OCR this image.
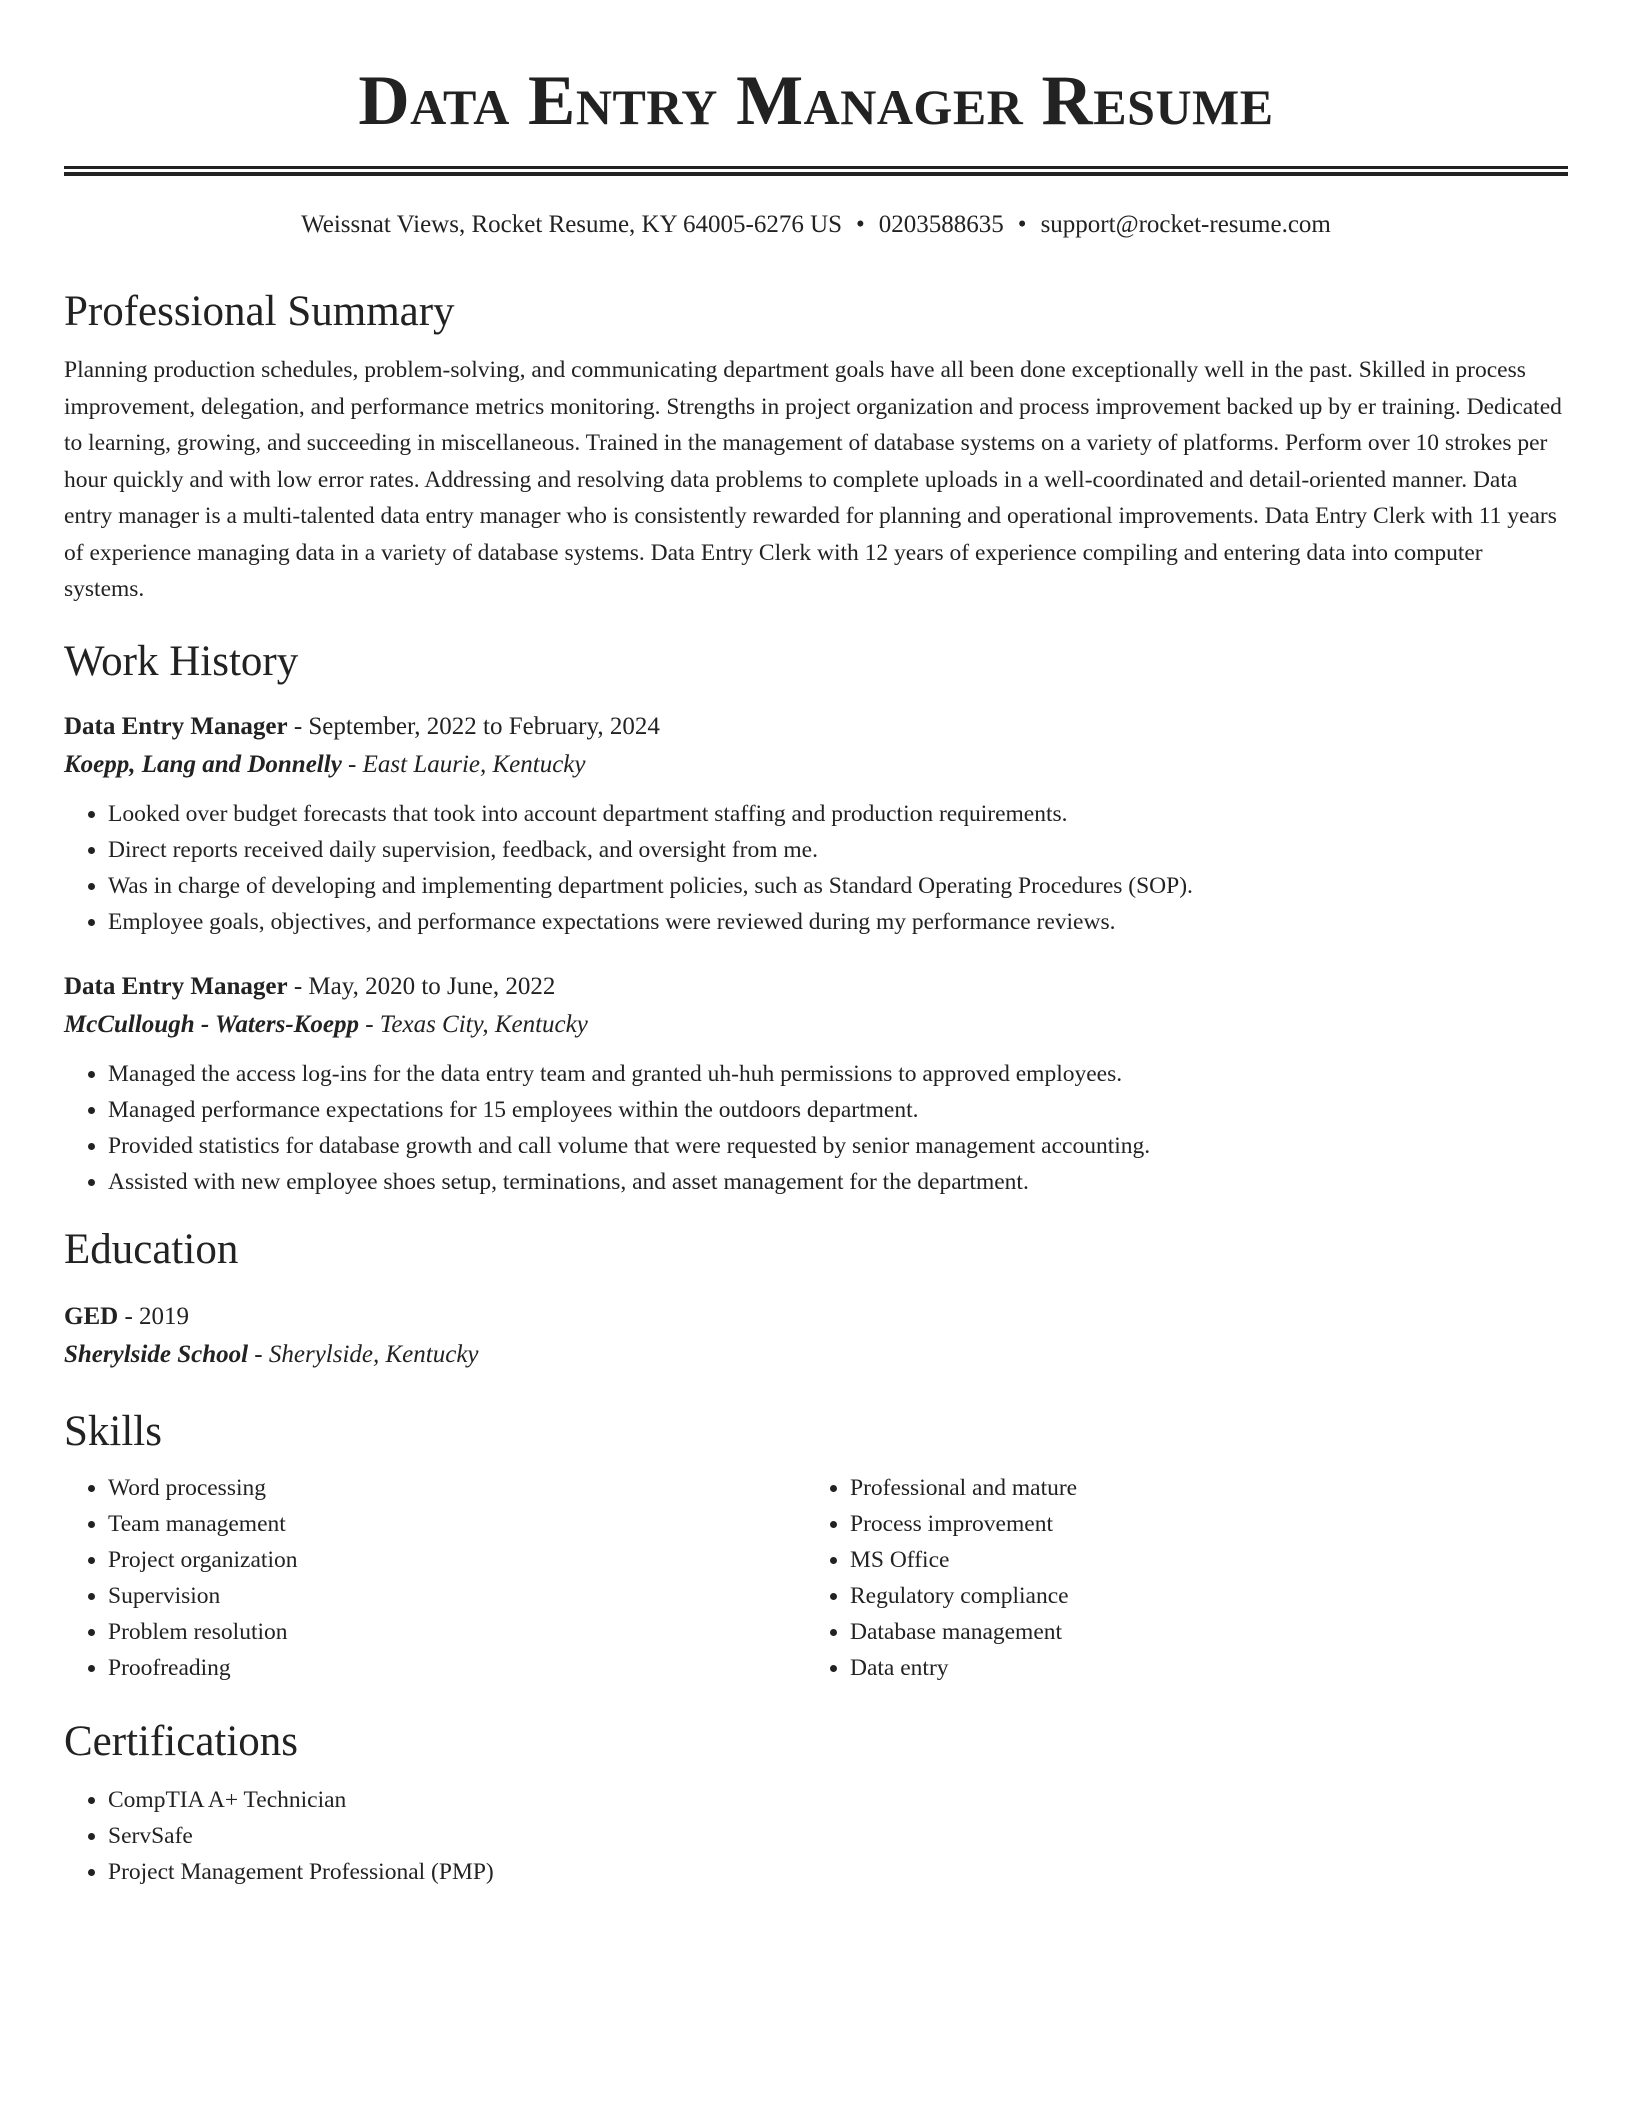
Data Entry Manager Resume
Weissnat Views, Rocket Resume, KY 64005-6276 US • 0203588635 • support@rocket-resume.com
Professional Summary

Planning production schedules, problem-solving, and communicating department goals have all been done exceptionally well in the past. Skilled in process improvement, delegation, and performance metrics monitoring. Strengths in project organization and process improvement backed up by er training. Dedicated to learning, growing, and succeeding in miscellaneous. Trained in the management of database systems on a variety of platforms. Perform over 10 strokes per hour quickly and with low error rates. Addressing and resolving data problems to complete uploads in a well-coordinated and detail-oriented manner. Data entry manager is a multi-talented data entry manager who is consistently rewarded for planning and operational improvements. Data Entry Clerk with 11 years of experience managing data in a variety of database systems. Data Entry Clerk with 12 years of experience compiling and entering data into computer systems.

Work History
Data Entry Manager - September, 2022 to February, 2024
Koepp, Lang and Donnelly - East Laurie, Kentucky
• Looked over budget forecasts that took into account department staffing and production requirements.
• Direct reports received daily supervision, feedback, and oversight from me.
• Was in charge of developing and implementing department policies, such as Standard Operating Procedures (SOP).
• Employee goals, objectives, and performance expectations were reviewed during my performance reviews.
Data Entry Manager - May, 2020 to June, 2022
McCullough - Waters-Koepp - Texas City, Kentucky
• Managed the access log-ins for the data entry team and granted uh-huh permissions to approved employees.
• Managed performance expectations for 15 employees within the outdoors department.
• Provided statistics for database growth and call volume that were requested by senior management accounting.
• Assisted with new employee shoes setup, terminations, and asset management for the department.
Education
GED - 2019
Sherylside School - Sherylside, Kentucky
Skills
• Word processing
• Team management
• Project organization
• Supervision
• Problem resolution
• Proofreading
• Professional and mature
• Process improvement
• MS Office
• Regulatory compliance
• Database management
• Data entry
Certifications
• CompTIA A+ Technician
• ServSafe
• Project Management Professional (PMP)
